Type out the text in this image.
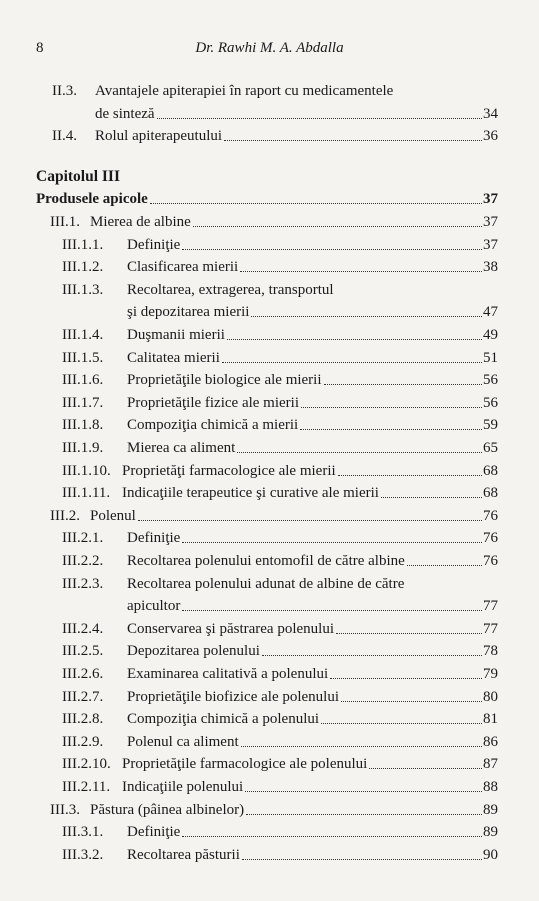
8	Dr. Rawhi M. A. Abdalla
II.3. Avantajele apiterapiei în raport cu medicamentele
de sinteză	34
II.4. Rolul apiterapeutului	36
Capitolul III
Produsele apicole	37
III.1. Mierea de albine	37
III.1.1. Definiţie	37
III.1.2. Clasificarea mierii	38
III.1.3. Recoltarea, extragerea, transportul
şi depozitarea mierii	47
III.1.4. Duşmanii mierii	49
III.1.5. Calitatea mierii	51
III.1.6. Proprietăţile biologice ale mierii	56
III.1.7. Proprietăţile fizice ale mierii	56
III.1.8. Compoziţia chimică a mierii	59
III.1.9. Mierea ca aliment	65
III.1.10. Proprietăţi farmacologice ale mierii	68
III.1.11. Indicaţiile terapeutice şi curative ale mierii	68
III.2. Polenul	76
III.2.1. Definiţie	76
III.2.2. Recoltarea polenului entomofil de către albine	76
III.2.3. Recoltarea polenului adunat de albine de către
apicultor	77
III.2.4. Conservarea şi păstrarea polenului	77
III.2.5. Depozitarea polenului	78
III.2.6. Examinarea calitativă a polenului	79
III.2.7. Proprietăţile biofizice ale polenului	80
III.2.8. Compoziţia chimică a polenului	81
III.2.9. Polenul ca aliment	86
III.2.10. Proprietăţile farmacologice ale polenului	87
III.2.11. Indicaţiile polenului	88
III.3. Păstura (pâinea albinelor)	89
III.3.1. Definiţie	89
III.3.2. Recoltarea păsturii	90
